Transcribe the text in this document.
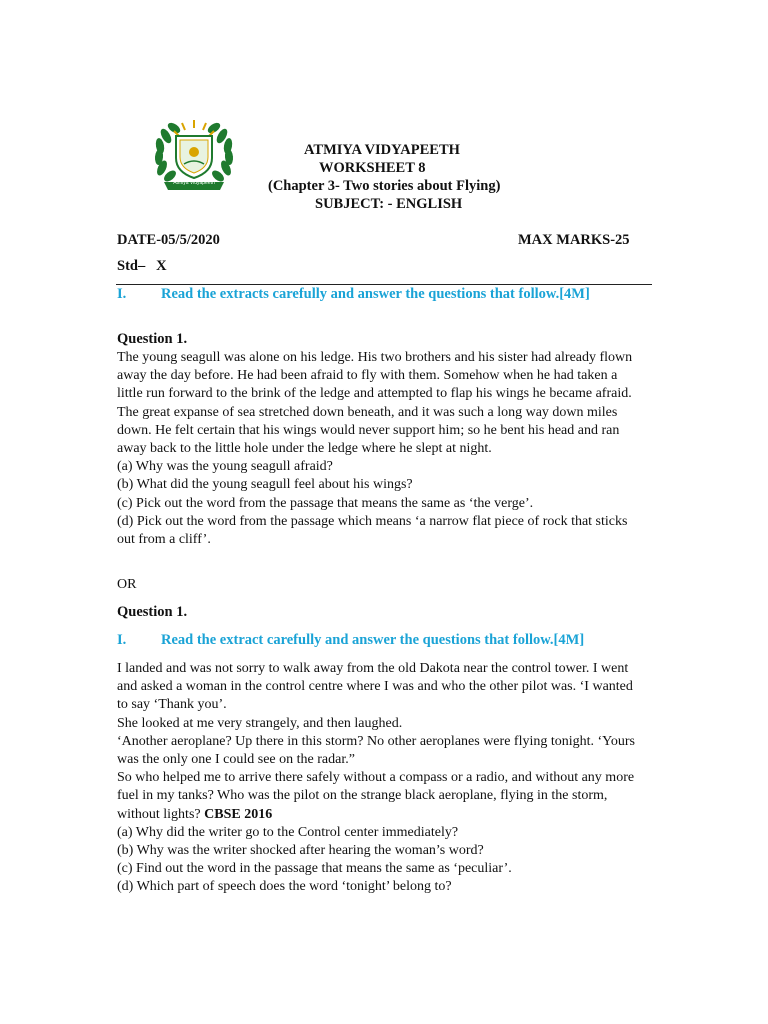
Atmiya Vidyapeeth
ATMIYA VIDYAPEETH
WORKSHEET 8
(Chapter 3- Two stories about Flying)
SUBJECT: - ENGLISH
DATE-05/5/2020	MAX MARKS-25
Std–   X
I. Read the extracts carefully and answer the questions that follow.[4M]
Question 1.
The young seagull was alone on his ledge. His two brothers and his sister had already flown
away the day before. He had been afraid to fly with them. Somehow when he had taken a
little run forward to the brink of the ledge and attempted to flap his wings he became afraid.
The great expanse of sea stretched down beneath, and it was such a long way down miles
down. He felt certain that his wings would never support him; so he bent his head and ran
away back to the little hole under the ledge where he slept at night.
(a) Why was the young seagull afraid?
(b) What did the young seagull feel about his wings?
(c) Pick out the word from the passage that means the same as ‘the verge’.
(d) Pick out the word from the passage which means ‘a narrow flat piece of rock that sticks
out from a cliff’.
OR
Question 1.
I. Read the extract carefully and answer the questions that follow.[4M]
I landed and was not sorry to walk away from the old Dakota near the control tower. I went
and asked a woman in the control centre where I was and who the other pilot was. ‘I wanted
to say ‘Thank you’.
She looked at me very strangely, and then laughed.
‘Another aeroplane? Up there in this storm? No other aeroplanes were flying tonight. ‘Yours
was the only one I could see on the radar.”
So who helped me to arrive there safely without a compass or a radio, and without any more
fuel in my tanks? Who was the pilot on the strange black aeroplane, flying in the storm,
without lights? CBSE 2016
(a) Why did the writer go to the Control center immediately?
(b) Why was the writer shocked after hearing the woman’s word?
(c) Find out the word in the passage that means the same as ‘peculiar’.
(d) Which part of speech does the word ‘tonight’ belong to?
